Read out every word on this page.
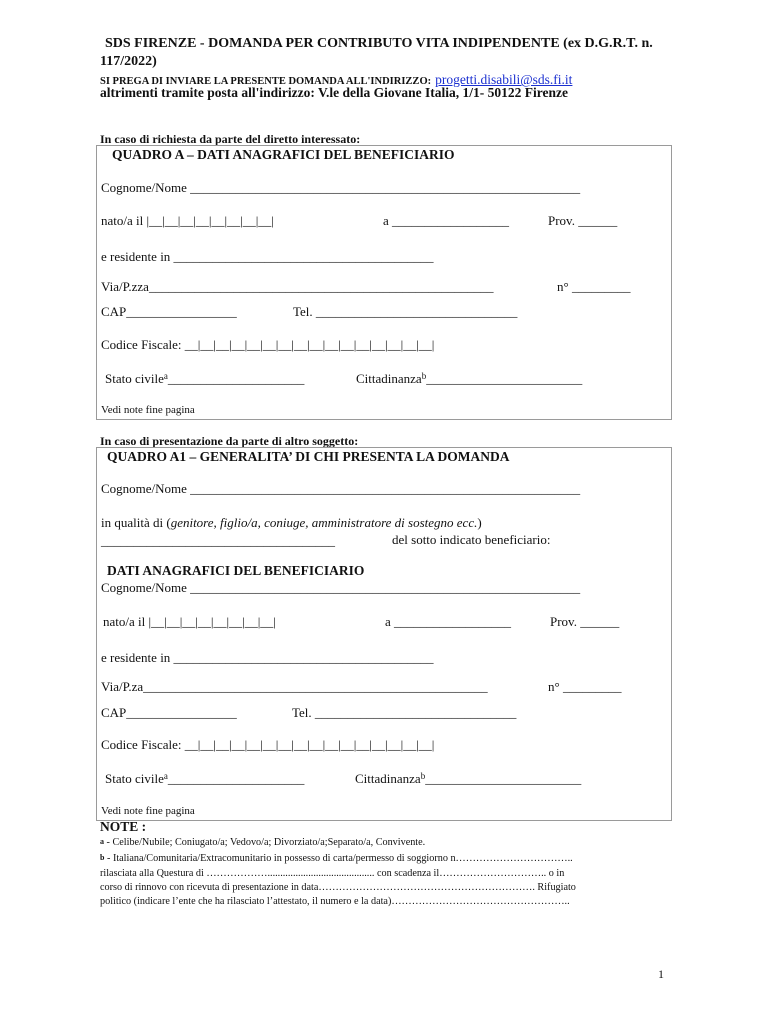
SDS FIRENZE - DOMANDA PER CONTRIBUTO VITA INDIPENDENTE (ex D.G.R.T. n.
117/2022)
SI PREGA DI INVIARE LA PRESENTE DOMANDA ALL'INDIRIZZO: progetti.disabili@sds.fi.it
altrimenti tramite posta all'indirizzo: V.le della Giovane Italia, 1/1- 50122 Firenze
In caso di richiesta da parte del diretto interessato:
QUADRO A – DATI ANAGRAFICI DEL BENEFICIARIO
Cognome/Nome ____________________________________________________________
nato/a il |__|__|__|__|__|__|__|__|	a __________________	Prov. ______
e residente in ________________________________________
Via/P.zza_____________________________________________________	n° _________
CAP_________________	Tel. _______________________________
Codice Fiscale: __|__|__|__|__|__|__|__|__|__|__|__|__|__|__|__|
Stato civile$^a$_____________________	Cittadinanza$^b$________________________
Vedi note fine pagina
In caso di presentazione da parte di altro soggetto:
QUADRO A1 – GENERALITA’ DI CHI PRESENTA LA DOMANDA
Cognome/Nome ____________________________________________________________
in qualità di (genitore, figlio/a, coniuge, amministratore di sostegno ecc.)
____________________________________	del sotto indicato beneficiario:
DATI ANAGRAFICI DEL BENEFICIARIO
Cognome/Nome ____________________________________________________________
nato/a il |__|__|__|__|__|__|__|__|	a __________________	Prov. ______
e residente in ________________________________________
Via/P.za_____________________________________________________	n° _________
CAP_________________	Tel. _______________________________
Codice Fiscale: __|__|__|__|__|__|__|__|__|__|__|__|__|__|__|__|
Stato civile$^a$_____________________	Cittadinanza$^b$________________________
Vedi note fine pagina
NOTE :
$^a$ - Celibe/Nubile; Coniugato/a; Vedovo/a; Divorziato/a;Separato/a, Convivente.
$^b$ - Italiana/Comunitaria/Extracomunitario in possesso di carta/permesso di soggiorno n……………………………..
rilasciata alla Questura di ……………….......................................... con scadenza il………………………….. o in
corso di rinnovo con ricevuta di presentazione in data………………………………………………………. Rifugiato
politico (indicare l’ente che ha rilasciato l’attestato, il numero e la data)……………………………………………..
1
